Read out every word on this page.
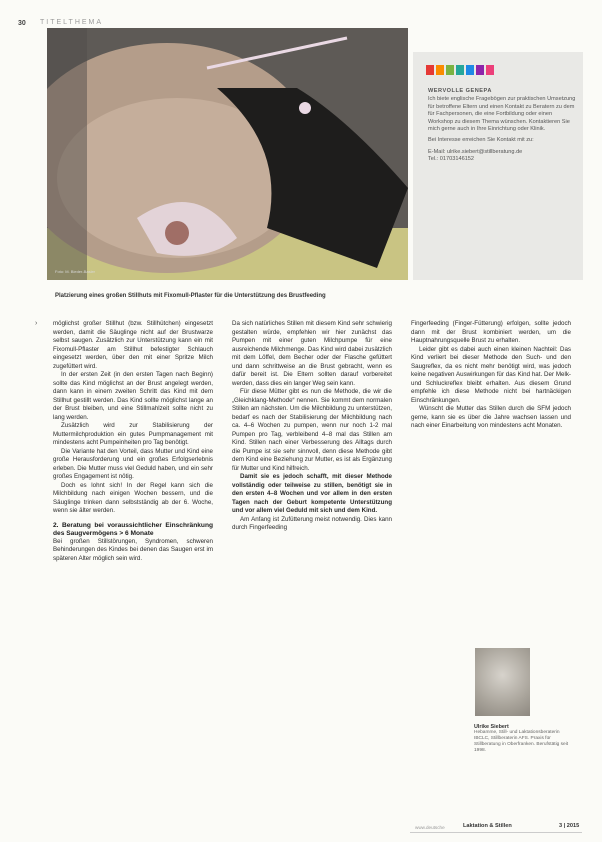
30 TITELTHEMA
Foto: M. Bieder-Basler
WERVOLLE GENEPA
Ich biete englische Fragebögen zur praktischen Umsetzung für betroffene Eltern und einen Kontakt zu Beratern zu dem für Fachpersonen, die eine Fortbildung oder einen Workshop zu diesem Thema wünschen. Kontaktieren Sie mich gerne auch in Ihre Einrichtung oder Klinik.
Bei Interesse erreichen Sie Kontakt mit zu:
E-Mail: ulrike.siebert@stillberatung.de
Tel.: 01703146152
Platzierung eines großen Stillhuts mit Fixomull-Pflaster für die Unterstützung des Brustfeeding
›	möglichst großer Stillhut (bzw. Stillhütchen) eingesetzt werden, damit die Säuglinge nicht auf der Brustwarze selbst saugen. Zusätzlich zur Unterstützung kann ein mit Fixomull-Pflaster am Stillhut befestigter Schlauch eingesetzt werden, über den mit einer Spritze Milch zugefüttert wird.

In der ersten Zeit (in den ersten Tagen nach Beginn) sollte das Kind möglichst an der Brust angelegt werden, dann kann in einem zweiten Schritt das Kind mit dem Stillhut gestillt werden. Das Kind sollte möglichst lange an der Brust bleiben, und eine Stillmahlzeit sollte nicht zu lang werden.

Zusätzlich wird zur Stabilisierung der Muttermilchproduktion ein gutes Pumpmanagement mit mindestens acht Pumpeinheiten pro Tag benötigt.

Die Variante hat den Vorteil, dass Mutter und Kind eine große Herausforderung und ein großes Erfolgserlebnis erleben. Die Mutter muss viel Geduld haben, und ein sehr großes Engagement ist nötig.

Doch es lohnt sich! In der Regel kann sich die Milchbildung nach einigen Wochen bessern, und die Säuglinge trinken dann selbstständig ab der 6. Woche, wenn sie älter werden.

2. Beratung bei voraussichtlicher Einschränkung des Saugvermögens > 6 Monate

Bei großen Stillstörungen, Syndromen, schweren Behinderungen des Kindes bei denen das Saugen erst im späteren Alter möglich sein wird.

Da sich natürliches Stillen mit diesem Kind sehr schwierig gestalten würde, empfehlen wir hier zunächst das Pumpen mit einer guten Milchpumpe für eine ausreichende Milchmenge. Das Kind wird dabei zusätzlich mit dem Löffel, dem Becher oder der Flasche gefüttert und dann schrittweise an die Brust gebracht, wenn es dafür bereit ist. Die Eltern sollten darauf vorbereitet werden, dass dies ein langer Weg sein kann.

Für diese Mütter gibt es nun die Methode, die wir die „Gleichklang-Methode“ nennen. Sie kommt dem normalen Stillen am nächsten. Um die Milchbildung zu unterstützen, bedarf es nach der Stabilisierung der Milchbildung nach ca. 4–6 Wochen zu pumpen, wenn nur noch 1-2 mal Pumpen pro Tag, verbleibend 4–8 mal das Stillen am Kind. Stillen nach einer Verbesserung des Alltags durch die Pumpe ist sie sehr sinnvoll, denn diese Methode gibt dem Kind eine Beziehung zur Mutter, es ist als Ergänzung für Mutter und Kind hilfreich.

Damit sie es jedoch schafft, mit dieser Methode vollständig oder teilweise zu stillen, benötigt sie in den ersten 4–8 Wochen und vor allem in den ersten Tagen nach der Geburt kompetente Unterstützung und vor allem viel Geduld mit sich und dem Kind.

Am Anfang ist Zufütterung meist notwendig. Dies kann durch Fingerfeeding

Fingerfeeding (Finger-Fütterung) erfolgen, sollte jedoch dann mit der Brust kombiniert werden, um die Hauptnahrungsquelle Brust zu erhalten.

Leider gibt es dabei auch einen kleinen Nachteil: Das Kind verliert bei dieser Methode den Such- und den Saugreflex, da es nicht mehr benötigt wird, was jedoch keine negativen Auswirkungen für das Kind hat. Der Melk- und Schluckreflex bleibt erhalten. Aus diesem Grund empfehle ich diese Methode nicht bei hartnäckigen Einschränkungen.

Wünscht die Mutter das Stillen durch die SFM jedoch gerne, kann sie es über die Jahre wachsen lassen und nach einer Einarbeitung von mindestens acht Monaten.

Ulrike Siebert
Hebamme, Still- und Laktationsberaterin IBCLC, Stillberaterin AFS. Praxis für Stillberatung in Oberfranken. Berufstätig seit 1998.
www.deutsche	Laktation & Stillen	3 | 2015
